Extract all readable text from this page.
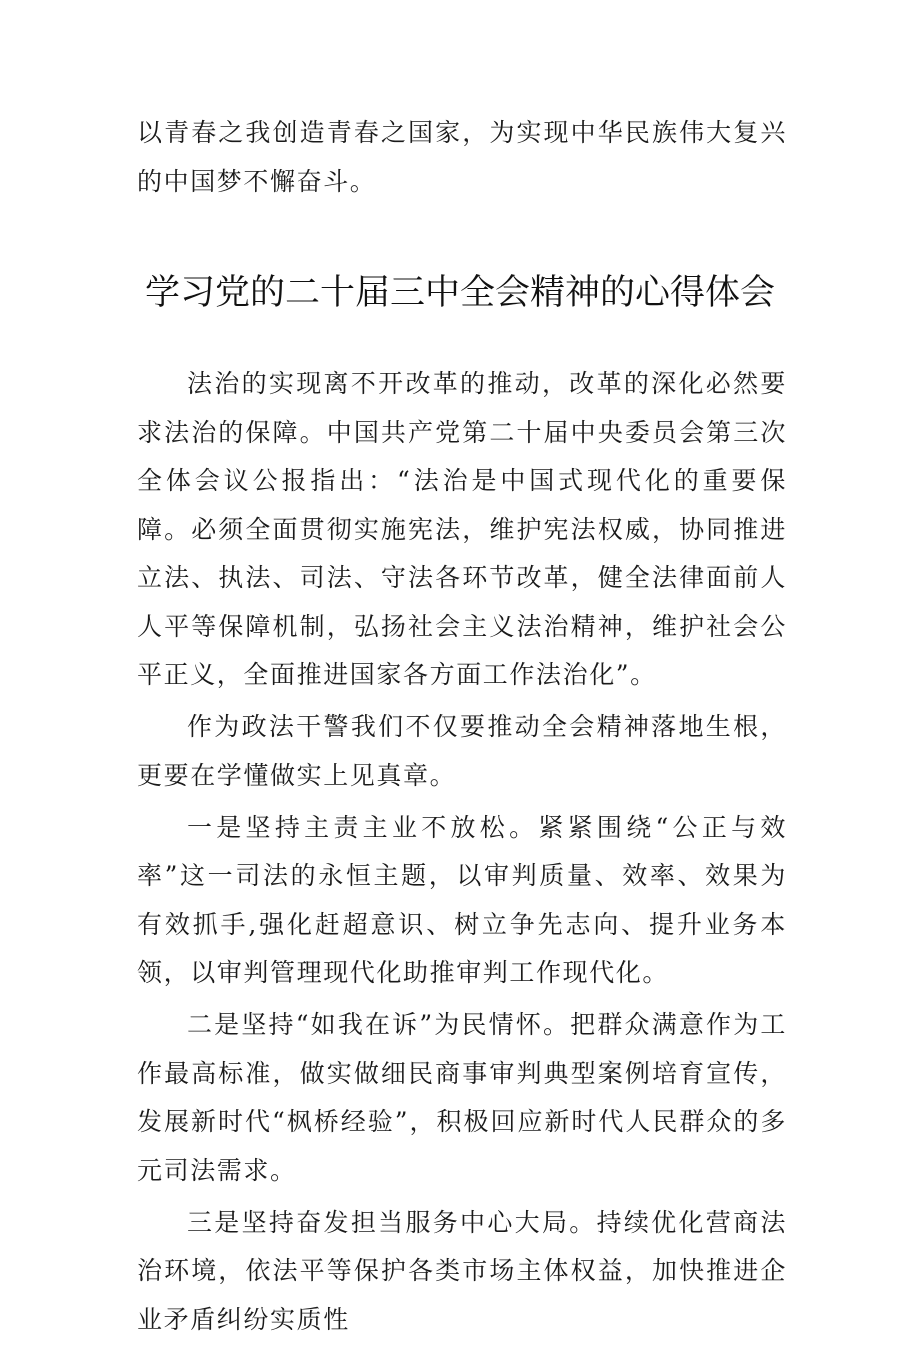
以青春之我创造青春之国家，为实现中华民族伟大复兴的中国梦不懈奋斗。

学习党的二十届三中全会精神的心得体会

法治的实现离不开改革的推动，改革的深化必然要求法治的保障。中国共产党第二十届中央委员会第三次全体会议公报指出：“法治是中国式现代化的重要保障。必须全面贯彻实施宪法，维护宪法权威，协同推进立法、执法、司法、守法各环节改革，健全法律面前人人平等保障机制，弘扬社会主义法治精神，维护社会公平正义，全面推进国家各方面工作法治化”。

作为政法干警我们不仅要推动全会精神落地生根，更要在学懂做实上见真章。

一是坚持主责主业不放松。紧紧围绕“公正与效率”这一司法的永恒主题，以审判质量、效率、效果为有效抓手,强化赶超意识、树立争先志向、提升业务本领，以审判管理现代化助推审判工作现代化。

二是坚持“如我在诉”为民情怀。把群众满意作为工作最高标准，做实做细民商事审判典型案例培育宣传，发展新时代“枫桥经验”，积极回应新时代人民群众的多元司法需求。

三是坚持奋发担当服务中心大局。持续优化营商法治环境，依法平等保护各类市场主体权益，加快推进企业矛盾纠纷实质性
